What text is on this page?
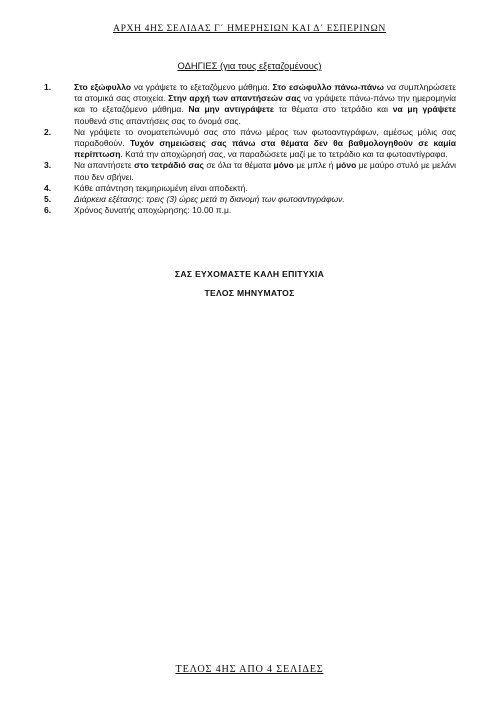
ΑΡΧΗ 4ΗΣ ΣΕΛΙΔΑΣ Γ΄ ΗΜΕΡΗΣΙΩΝ ΚΑΙ Δ΄ ΕΣΠΕΡΙΝΩΝ
ΟΔΗΓΙΕΣ (για τους εξεταζομένους)
1.	Στο εξώφυλλο να γράψετε το εξεταζόμενο μάθημα. Στο εσώφυλλο πάνω-πάνω να συμπληρώσετε τα ατομικά σας στοιχεία. Στην αρχή των απαντήσεών σας να γράψετε πάνω-πάνω την ημερομηνία και το εξεταζόμενο μάθημα. Να μην αντιγράψετε τα θέματα στο τετράδιο και να μη γράψετε πουθενά στις απαντήσεις σας το όνομά σας.
2.	Να γράψετε το ονοματεπώνυμό σας στο πάνω μέρος των φωτοαντιγράφων, αμέσως μόλις σας παραδοθούν. Τυχόν σημειώσεις σας πάνω στα θέματα δεν θα βαθμολογηθούν σε καμία περίπτωση. Κατά την αποχώρησή σας, να παραδώσετε μαζί με το τετράδιο και τα φωτοαντίγραφα.
3.	Να απαντήσετε στο τετράδιό σας σε όλα τα θέματα μόνο με μπλε ή μόνο με μαύρο στυλό με μελάνι που δεν σβήνει.
4.	Κάθε απάντηση τεκμηριωμένη είναι αποδεκτή.
5.	Διάρκεια εξέτασης: τρεις (3) ώρες μετά τη διανομή των φωτοαντιγράφων.
6.	Χρόνος δυνατής αποχώρησης: 10.00 π.μ.
ΣΑΣ ΕΥΧΟΜΑΣΤΕ ΚΑΛΗ ΕΠΙΤΥΧΙΑ
ΤΕΛΟΣ ΜΗΝΥΜΑΤΟΣ
ΤΕΛΟΣ 4ΗΣ ΑΠΟ 4 ΣΕΛΙΔΕΣ
